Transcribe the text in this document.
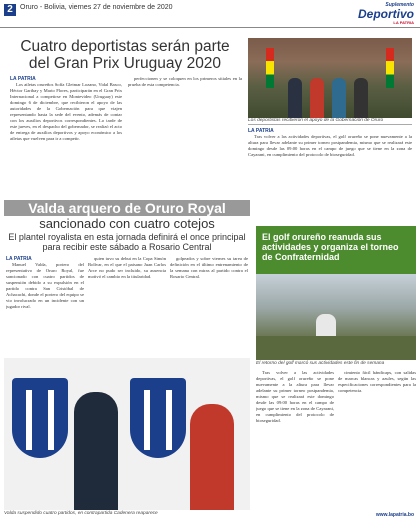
2	Oruro - Bolivia, viernes 27 de noviembre de 2020	Suplemento
Deportivo
LA PATRIA
Cuatro deportistas serán parte del Gran Prix Uruguay 2020
LA PATRIA

Los atletas orureños Sofía Gleimar Lozano, Vidal Basco, Héctor Garibay y Mario Flores, participarán en el Gran Prix Internacional a competirse en Montevideo (Uruguay) este domingo 6 de diciembre, que recibieron el apoyo de las autoridades de la Gobernación para que viajen representando hasta la sede del evento, además de contar con los auxilios deportivos correspondientes. Lo tarde de este jueves, en el despacho del gobernador, se realizó el acto de entrega de auxilios deportivos y apoyo económico a los atletas que vuelven para ir a competir.

perfeccionen y se coloquen en los primeros sitiales en la prueba de esta competencia.

Los deportistas recibieron el apoyo de la Gobernación de Oruro
LA PATRIA

Tras volver a las actividades deportivas, el golf orureño se pone nuevamente a la altura para llevar adelante su primer torneo postpandemia, mismo que se realizará este domingo desde las 09:00 horas en el campo de juego que se tiene en la zona de Cayarani, en cumplimiento del protocolo de bioseguridad.

Valda arquero de Oruro Royal
sancionado con cuatro cotejos
El plantel royalista en esta jornada definirá el once principal para recibir este sábado a Rosario Central
LA PATRIA

Manuel Valda, portero del representativo de Oruro Royal, fue sancionado con cuatro partidos de suspensión debido a su expulsión en el partido contra San Cristóbal de Achacachi, donde el portero del equipo se vio involucrado en un incidente con un jugador rival.

quien tuvo su debut en la Copa Simón Bolívar, en el que el paisano Juan Carlos Arce no pudo ser incluido, su ausencia motivó el cambio en la titularidad.

golpeados y sobre viernes su tarea de definición en el último entrenamiento de la semana con miras al partido contra el Rosario Central.

El golf orureño reanuda sus actividades y organiza el torneo de Confraternidad
El retorno del golf marcó sus actividades este fin de semana

Tras volver a las actividades deportivas, el golf orureño se pone nuevamente a la altura para llevar adelante su primer torneo postpandemia, mismo que se realizará este domingo desde las 09:00 horas en el campo de juego que se tiene en la zona de Cayarani, en cumplimiento del protocolo de bioseguridad.

cimiento fácil hándicaps, con salidas de marcas blancas y azules, según las especificaciones correspondientes para la competencia.

Valda suspendido cuatro partidos, en contrapartida Cadenera reaparece	www.lapatria.bo
